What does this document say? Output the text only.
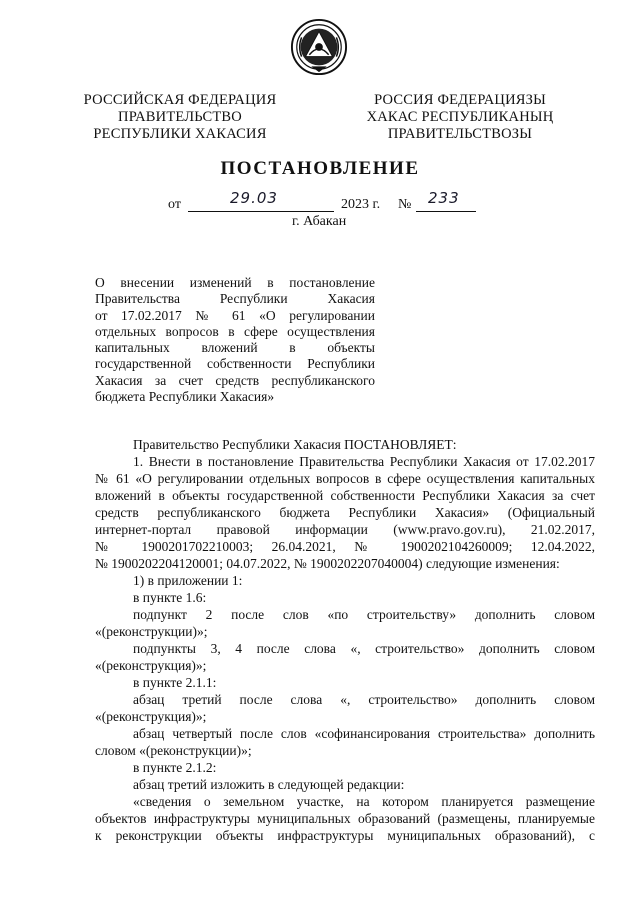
РОССИЙСКАЯ ФЕДЕРАЦИЯ
ПРАВИТЕЛЬСТВО
РЕСПУБЛИКИ ХАКАСИЯ
РОССИЯ ФЕДЕРАЦИЯЗЫ
ХАКАС РЕСПУБЛИКАНЫҢ
ПРАВИТЕЛЬСТВОЗЫ
ПОСТАНОВЛЕНИЕ
от	29.03	2023 г. № 233
г. Абакан
О внесении изменений в постановление
Правительства Республики Хакасия
от 17.02.2017 № 61 «О регулировании
отдельных вопросов в сфере осуществления
капитальных вложений в объекты
государственной собственности Республики
Хакасия за счет средств республиканского
бюджета Республики Хакасия»
Правительство Республики Хакасия ПОСТАНОВЛЯЕТ:
1. Внести в постановление Правительства Республики Хакасия от 17.02.2017
№ 61 «О регулировании отдельных вопросов в сфере осуществления капитальных
вложений в объекты государственной собственности Республики Хакасия за счет
средств республиканского бюджета Республики Хакасия» (Официальный
интернет-портал правовой информации (www.pravo.gov.ru), 21.02.2017,
№ 1900201702210003; 26.04.2021, № 1900202104260009; 12.04.2022,
№ 1900202204120001; 04.07.2022, № 1900202207040004) следующие изменения:
1) в приложении 1:
в пункте 1.6:
подпункт 2 после слов «по строительству» дополнить словом
«(реконструкции)»;
подпункты 3, 4 после слова «, строительство» дополнить словом
«(реконструкция)»;
в пункте 2.1.1:
абзац третий после слова «, строительство» дополнить словом
«(реконструкция)»;
абзац четвертый после слов «софинансирования строительства» дополнить
словом «(реконструкции)»;
в пункте 2.1.2:
абзац третий изложить в следующей редакции:
«сведения о земельном участке, на котором планируется размещение
объектов инфраструктуры муниципальных образований (размещены, планируемые
к реконструкции объекты инфраструктуры муниципальных образований), с
